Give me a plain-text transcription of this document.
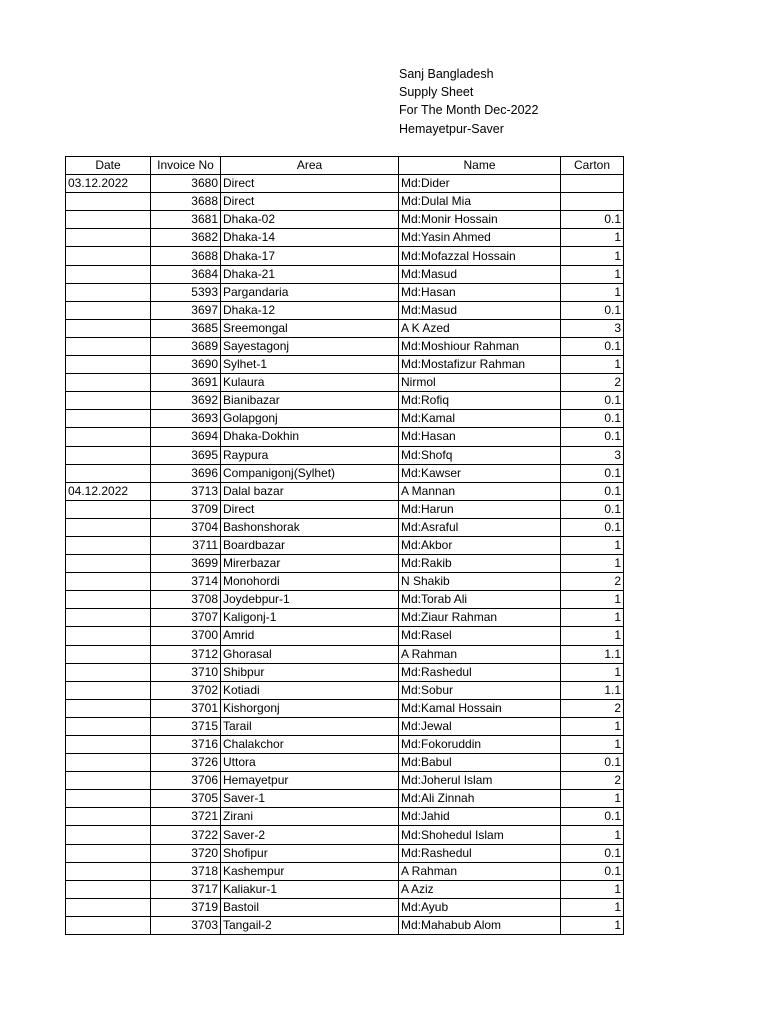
Sanj Bangladesh
Supply Sheet
For The Month Dec-2022
Hemayetpur-Saver
Date	Invoice No	Area	Name	Carton
03.12.2022	3680	Direct	Md:Dider	
	3688	Direct	Md:Dulal Mia	
	3681	Dhaka-02	Md:Monir Hossain	0.1
	3682	Dhaka-14	Md:Yasin Ahmed	1
	3688	Dhaka-17	Md:Mofazzal Hossain	1
	3684	Dhaka-21	Md:Masud	1
	5393	Pargandaria	Md:Hasan	1
	3697	Dhaka-12	Md:Masud	0.1
	3685	Sreemongal	A K Azed	3
	3689	Sayestagonj	Md:Moshiour Rahman	0.1
	3690	Sylhet-1	Md:Mostafizur Rahman	1
	3691	Kulaura	Nirmol	2
	3692	Bianibazar	Md:Rofiq	0.1
	3693	Golapgonj	Md:Kamal	0.1
	3694	Dhaka-Dokhin	Md:Hasan	0.1
	3695	Raypura	Md:Shofq	3
	3696	Companigonj(Sylhet)	Md:Kawser	0.1
04.12.2022	3713	Dalal bazar	A Mannan	0.1
	3709	Direct	Md:Harun	0.1
	3704	Bashonshorak	Md:Asraful	0.1
	3711	Boardbazar	Md:Akbor	1
	3699	Mirerbazar	Md:Rakib	1
	3714	Monohordi	N Shakib	2
	3708	Joydebpur-1	Md:Torab Ali	1
	3707	Kaligonj-1	Md:Ziaur Rahman	1
	3700	Amrid	Md:Rasel	1
	3712	Ghorasal	A Rahman	1.1
	3710	Shibpur	Md:Rashedul	1
	3702	Kotiadi	Md:Sobur	1.1
	3701	Kishorgonj	Md:Kamal Hossain	2
	3715	Tarail	Md:Jewal	1
	3716	Chalakchor	Md:Fokoruddin	1
	3726	Uttora	Md:Babul	0.1
	3706	Hemayetpur	Md:Joherul Islam	2
	3705	Saver-1	Md:Ali Zinnah	1
	3721	Zirani	Md:Jahid	0.1
	3722	Saver-2	Md:Shohedul Islam	1
	3720	Shofipur	Md:Rashedul	0.1
	3718	Kashempur	A Rahman	0.1
	3717	Kaliakur-1	A Aziz	1
	3719	Bastoil	Md:Ayub	1
	3703	Tangail-2	Md:Mahabub Alom	1
